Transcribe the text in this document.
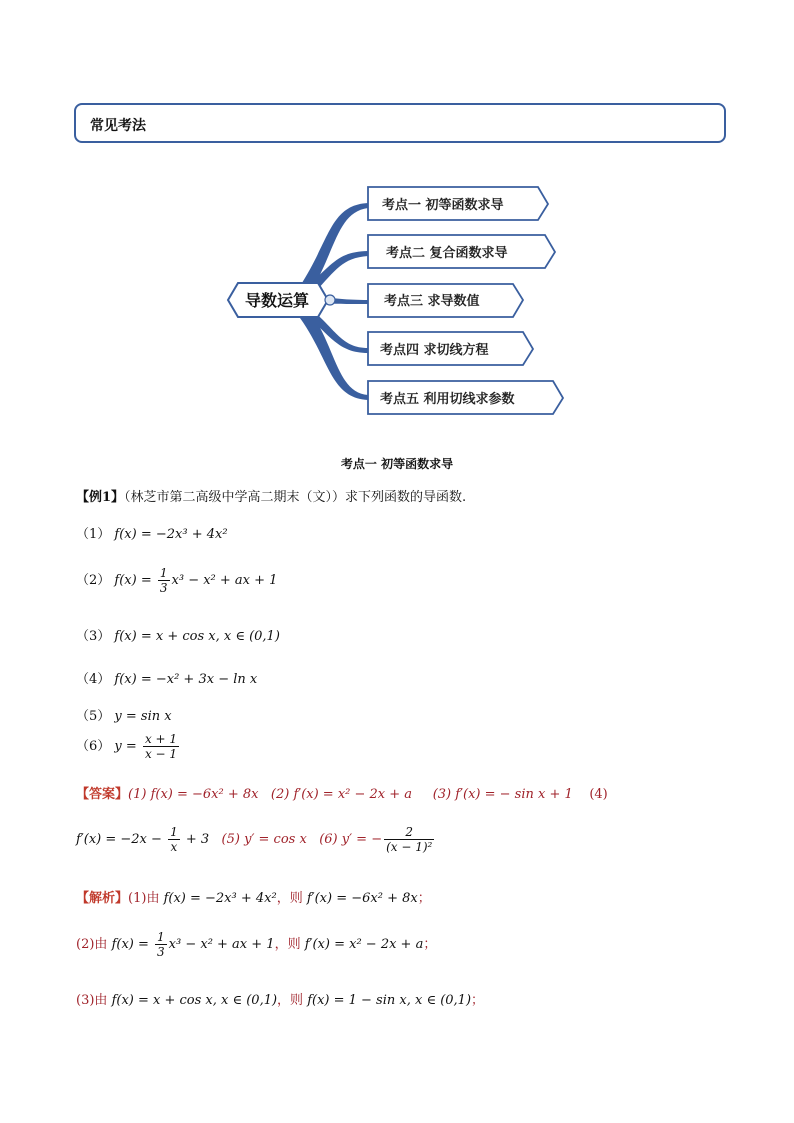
常见考法
导数运算
考点一 初等函数求导
考点二 复合函数求导
考点三 求导数值
考点四 求切线方程
考点五 利用切线求参数
考点一 初等函数求导
【例1】（林芝市第二高级中学高二期末（文））求下列函数的导函数.
（1） f(x) = −2x³ + 4x²
（2） $f(x) = \frac{1}{3} x^3 - x^2$ + ax + 1
（3） f(x) = x + cos x, x ∈ (0,1)
（4） f(x) = −x² + 3x − ln x
（5） y = sin x
（6） $y = \frac{x + 1}{x - 1}$
【答案】(1) f(x) = −6x² + 8x (2) f′(x) = x² − 2x + a (3) f′(x) = − sin x + 1 (4)
$f'(x) = -2x - \frac{1}{x} + 3$ (5) y′ = cos x (6) y′ = − $\frac{2}{\text{(x − 1)²}}$
【解析】(1)由 f(x) = −2x³ + 4x²，则 f′(x) = −6x² + 8x；
(2)由 $f(x) = \frac{1}{3} x^3 - x^2$ + ax + 1，则 f′(x) = x² − 2x + a；
(3)由 f(x) = x + cos x, x ∈ (0,1)，则 f(x) = 1 − sin x, x ∈ (0,1)；
